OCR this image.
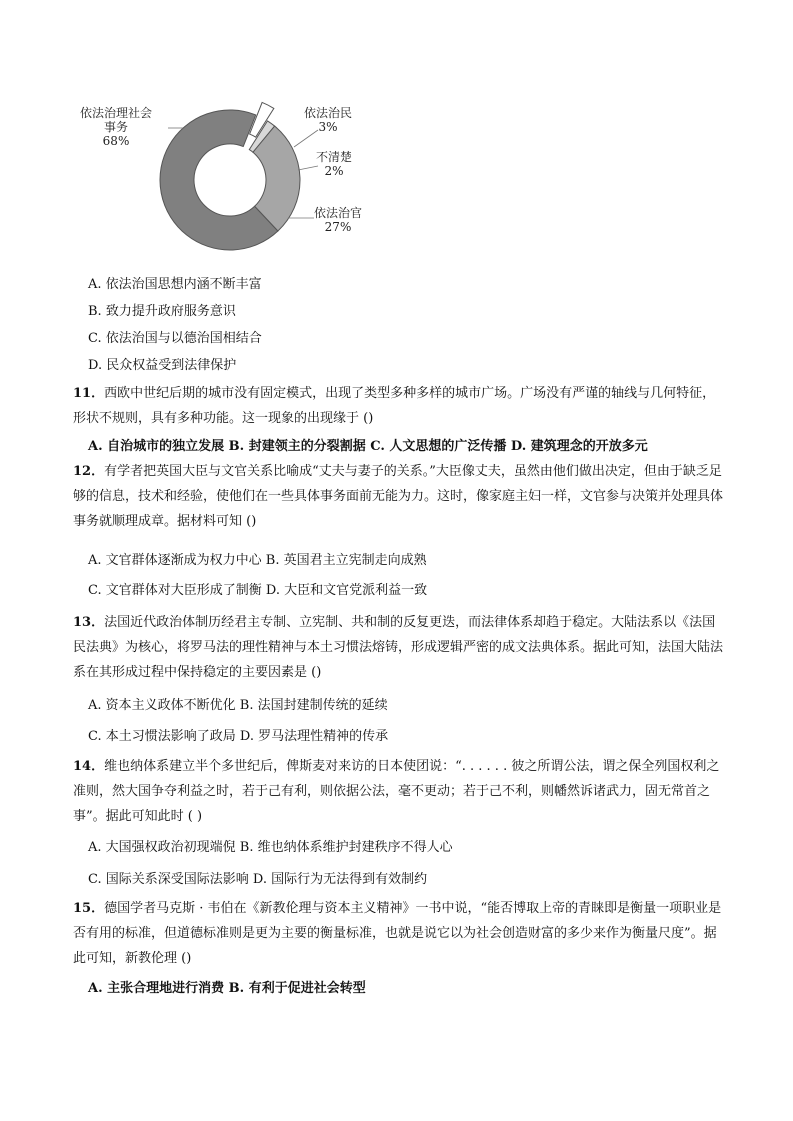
依法治理社会
事务
68%
依法治民
3%
不清楚
2%
依法治官
27%
A. 依法治国思想内涵不断丰富
B. 致力提升政府服务意识
C. 依法治国与以德治国相结合
D. 民众权益受到法律保护

11．西欧中世纪后期的城市没有固定模式，出现了类型多种多样的城市广场。广场没有严谨的轴线与几何特征，形状不规则，具有多种功能。这一现象的出现缘于 ()

A. 自治城市的独立发展 B. 封建领主的分裂割据 C. 人文思想的广泛传播 D. 建筑理念的开放多元

12．有学者把英国大臣与文官关系比喻成“丈夫与妻子的关系。”大臣像丈夫，虽然由他们做出决定，但由于缺乏足够的信息，技术和经验，使他们在一些具体事务面前无能为力。这时，像家庭主妇一样，文官参与决策并处理具体事务就顺理成章。据材料可知 ()

A. 文官群体逐渐成为权力中心 B. 英国君主立宪制走向成熟
C. 文官群体对大臣形成了制衡 D. 大臣和文官党派利益一致

13．法国近代政治体制历经君主专制、立宪制、共和制的反复更迭，而法律体系却趋于稳定。大陆法系以《法国民法典》为核心，将罗马法的理性精神与本土习惯法熔铸，形成逻辑严密的成文法典体系。据此可知，法国大陆法系在其形成过程中保持稳定的主要因素是 ()

A. 资本主义政体不断优化 B. 法国封建制传统的延续
C. 本土习惯法影响了政局 D. 罗马法理性精神的传承

14．维也纳体系建立半个多世纪后，俾斯麦对来访的日本使团说：“. . . . . . 彼之所谓公法，谓之保全列国权利之准则，然大国争夺利益之时，若于己有利，则依据公法，毫不更动；若于己不利，则幡然诉诸武力，固无常首之事”。据此可知此时 ( )

A. 大国强权政治初现端倪 B. 维也纳体系维护封建秩序不得人心
C. 国际关系深受国际法影响 D. 国际行为无法得到有效制约

15．德国学者马克斯 · 韦伯在《新教伦理与资本主义精神》一书中说，“能否博取上帝的青睐即是衡量一项职业是否有用的标准，但道德标准则是更为主要的衡量标准，也就是说它以为社会创造财富的多少来作为衡量尺度”。据此可知，新教伦理 ()

A. 主张合理地进行消费 B. 有利于促进社会转型
